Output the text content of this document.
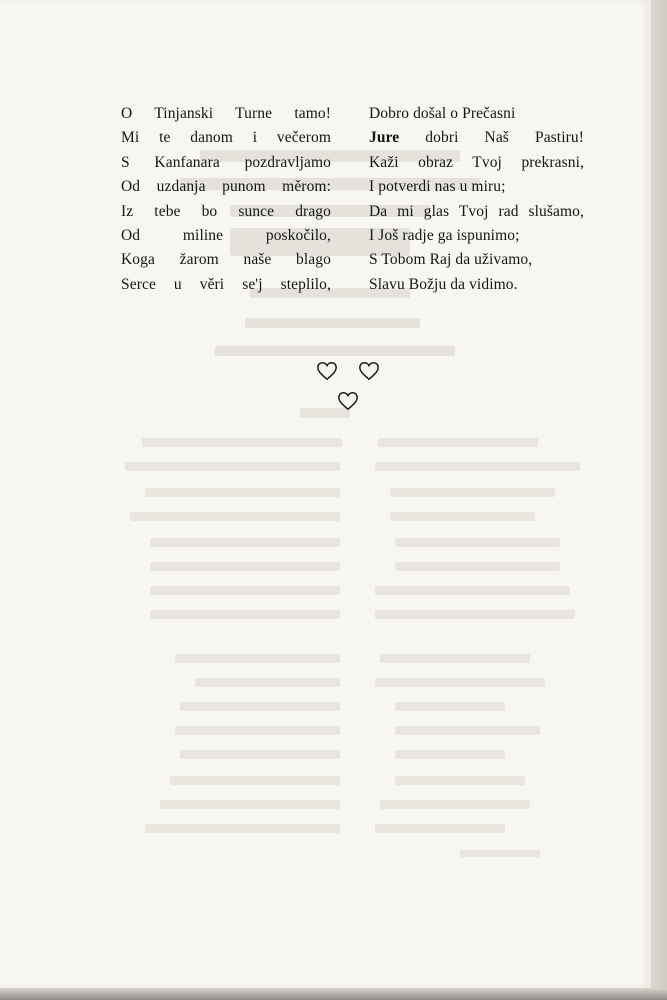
O Tinjanski Turne tamo!
Mi te danom i večerom
S Kanfanara pozdravljamo
Od uzdanja punom měrom:
Iz tebe bo sunce drago
Od miline poskočilo,
Koga žarom naše blago
Serce u věri se'j steplilo,
Dobro došal o Prečasni
Jure dobri Naš Pastiru!
Kaži obraz Tvoj prekrasni,
I potverdi nas u miru;
Da mi glas Tvoj rad slušamo,
I Još radje ga ispunimo;
S Tobom Raj da uživamo,
Slavu Božju da vidimo.
